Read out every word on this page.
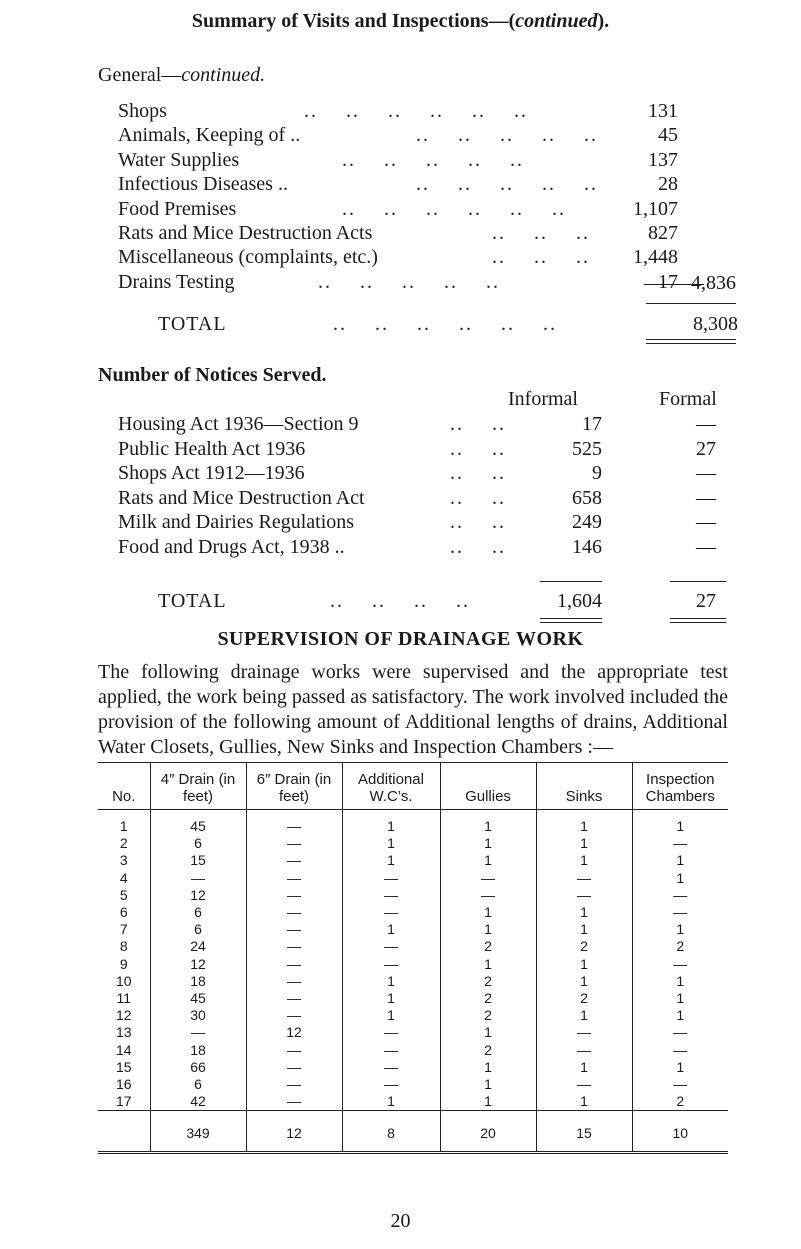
Summary of Visits and Inspections—(continued).
General—continued.
Shops	..    ..    ..    ..    ..    ..	131
Animals, Keeping of ..	..    ..    ..    ..    ..	45
Water Supplies	..    ..    ..    ..    ..	137
Infectious Diseases ..	..    ..    ..    ..    ..	28
Food Premises	..    ..    ..    ..    ..    ..	1,107
Rats and Mice Destruction Acts	..    ..    ..	827
Miscellaneous (complaints, etc.)	..    ..    .. 1,448
Drains Testing	..    ..    ..    ..    ..	17 4,836
TOTAL	..    ..    ..    ..    ..    ..	8,308
Number of Notices Served.
Informal	Formal
Housing Act 1936—Section 9	..    ..	17	—
Public Health Act 1936	..    ..	525	27
Shops Act 1912—1936	..    ..	9	—
Rats and Mice Destruction Act	..    ..	658	—
Milk and Dairies Regulations	..    ..	249	—
Food and Drugs Act, 1938 ..	..    ..	146	—
TOTAL	..    ..    ..    ..	1,604	27
SUPERVISION OF DRAINAGE WORK
The following drainage works were supervised and the appropriate test applied, the work being passed as satisfactory. The work involved included the provision of the following amount of Additional lengths of drains, Additional Water Closets, Gullies, New Sinks and Inspection Chambers :—
No.	4″ Drain (in feet)	6″ Drain (in feet)	Additional W.C’s.	Gullies	Sinks	Inspection Chambers
1	45	—	1	1	1	1
2	6	—	1	1	1	—
3	15	—	1	1	1	1
4	—	—	—	—	—	1
5	12	—	—	—	—	—
6	6	—	—	1	1	—
7	6	—	1	1	1	1
8	24	—	—	2	2	2
9	12	—	—	1	1	—
10	18	—	1	2	1	1
11	45	—	1	2	2	1
12	30	—	1	2	1	1
13	—	12	—	1	—	—
14	18	—	—	2	—	—
15	66	—	—	1	1	1
16	6	—	—	1	—	—
17	42	—	1	1	1	2
	349	12	8	20	15	10
20
